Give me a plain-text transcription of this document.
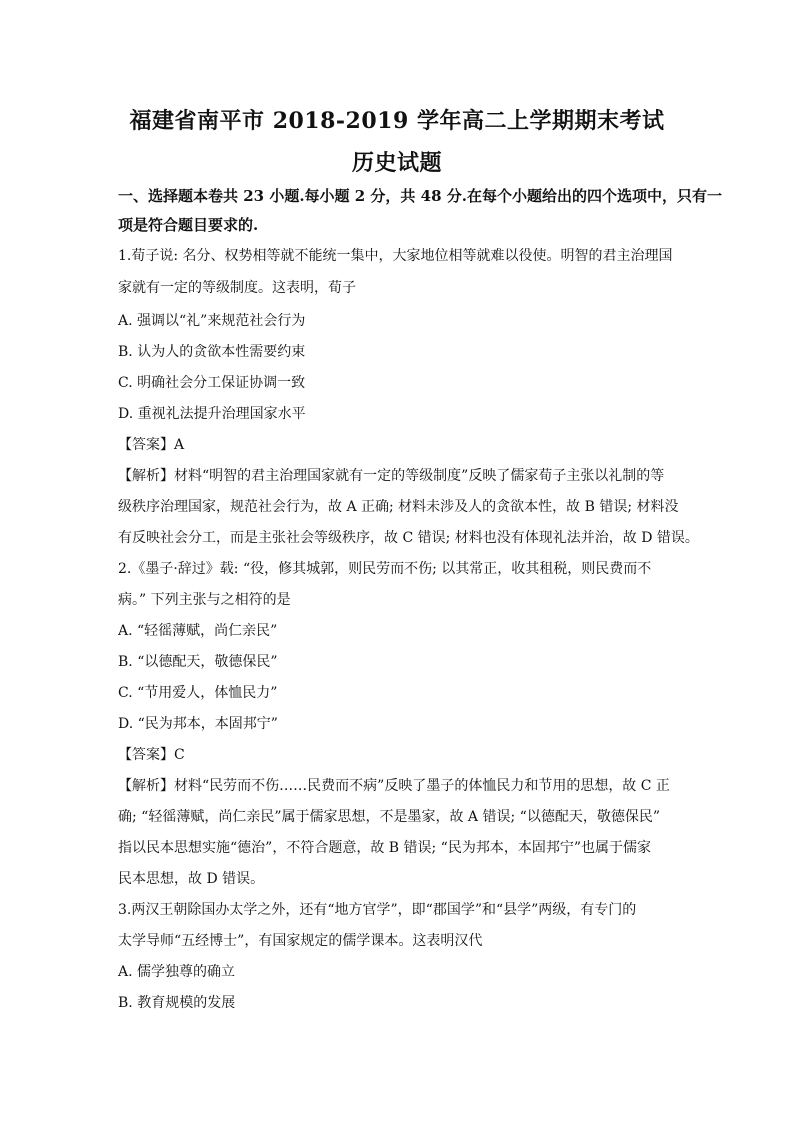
福建省南平市 2018-2019 学年高二上学期期末考试
历史试题
一、选择题本卷共 23 小题.每小题 2 分，共 48 分.在每个小题给出的四个选项中，只有一
项是符合题目要求的.
1.荀子说: 名分、权势相等就不能统一集中，大家地位相等就难以役使。明智的君主治理国
家就有一定的等级制度。这表明，荀子
A. 强调以“礼”来规范社会行为
B. 认为人的贪欲本性需要约束
C. 明确社会分工保证协调一致
D. 重视礼法提升治理国家水平
【答案】A
【解析】材料“明智的君主治理国家就有一定的等级制度”反映了儒家荀子主张以礼制的等
级秩序治理国家，规范社会行为，故 A 正确; 材料未涉及人的贪欲本性，故 B 错误; 材料没
有反映社会分工，而是主张社会等级秩序，故 C 错误; 材料也没有体现礼法并治，故 D 错误。
2.《墨子·辞过》载: “役，修其城郭，则民劳而不伤; 以其常正，收其租税，则民费而不
病。” 下列主张与之相符的是
A. “轻徭薄赋，尚仁亲民”
B. “以德配天，敬德保民”
C. “节用爱人，体恤民力”
D. “民为邦本，本固邦宁”
【答案】C
【解析】材料“民劳而不伤……民费而不病”反映了墨子的体恤民力和节用的思想，故 C 正
确; “轻徭薄赋，尚仁亲民”属于儒家思想，不是墨家，故 A 错误; “以德配天，敬德保民”
指以民本思想实施“德治”，不符合题意，故 B 错误; “民为邦本，本固邦宁”也属于儒家
民本思想，故 D 错误。
3.两汉王朝除国办太学之外，还有“地方官学”，即“郡国学”和“县学”两级，有专门的
太学导师“五经博士”，有国家规定的儒学课本。这表明汉代
A. 儒学独尊的确立
B. 教育规模的发展
